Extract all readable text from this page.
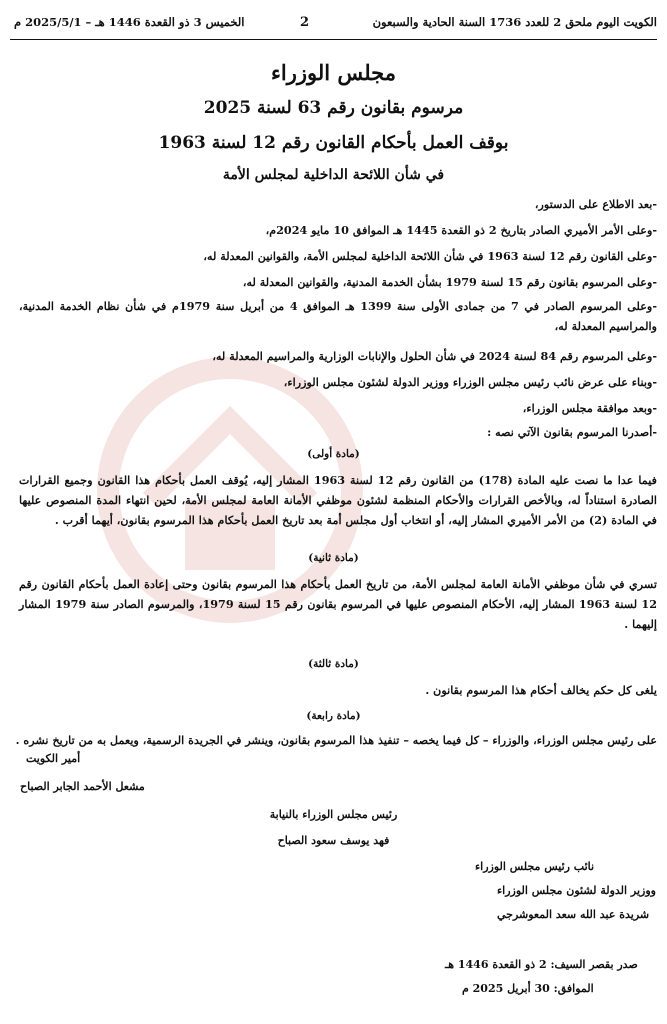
الكويت اليوم ملحق 2 للعدد 1736 السنة الحادية والسبعون
2
الخميس 3 ذو القعدة 1446 هـ – 2025/5/1 م
مجلس الوزراء
مرسوم بقانون رقم 63 لسنة 2025
بوقف العمل بأحكام القانون رقم 12 لسنة 1963
في شأن اللائحة الداخلية لمجلس الأمة
-بعد الاطلاع على الدستور،
-وعلى الأمر الأميري الصادر بتاريخ 2 ذو القعدة 1445 هـ الموافق 10 مايو 2024م،
-وعلى القانون رقم 12 لسنة 1963 في شأن اللائحة الداخلية لمجلس الأمة، والقوانين المعدلة له،
-وعلى المرسوم بقانون رقم 15 لسنة 1979 بشأن الخدمة المدنية، والقوانين المعدلة له،
-وعلى المرسوم الصادر في 7 من جمادى الأولى سنة 1399 هـ الموافق 4 من أبريل سنة 1979م في شأن نظام الخدمة المدنية، والمراسيم المعدلة له،
-وعلى المرسوم رقم 84 لسنة 2024 في شأن الحلول والإنابات الوزارية والمراسيم المعدلة له،
-وبناء على عرض نائب رئيس مجلس الوزراء ووزير الدولة لشئون مجلس الوزراء،
-وبعد موافقة مجلس الوزراء،
-أصدرنا المرسوم بقانون الآتي نصه :
(مادة أولى)
فيما عدا ما نصت عليه المادة (178) من القانون رقم 12 لسنة 1963 المشار إليه، يُوقف العمل بأحكام هذا القانون وجميع القرارات الصادرة استناداً له، وبالأخص القرارات والأحكام المنظمة لشئون موظفي الأمانة العامة لمجلس الأمة، لحين انتهاء المدة المنصوص عليها في المادة (2) من الأمر الأميري المشار إليه، أو انتخاب أول مجلس أمة بعد تاريخ العمل بأحكام هذا المرسوم بقانون، أيهما أقرب .
(مادة ثانية)
تسري في شأن موظفي الأمانة العامة لمجلس الأمة، من تاريخ العمل بأحكام هذا المرسوم بقانون وحتى إعادة العمل بأحكام القانون رقم 12 لسنة 1963 المشار إليه، الأحكام المنصوص عليها في المرسوم بقانون رقم 15 لسنة 1979، والمرسوم الصادر سنة 1979 المشار إليهما .
(مادة ثالثة)
يلغى كل حكم يخالف أحكام هذا المرسوم بقانون .
(مادة رابعة)
على رئيس مجلس الوزراء، والوزراء – كل فيما يخصه – تنفيذ هذا المرسوم بقانون، وينشر في الجريدة الرسمية، ويعمل به من تاريخ نشره .
أمير الكويت
مشعل الأحمد الجابر الصباح
رئيس مجلس الوزراء بالنيابة
فهد يوسف سعود الصباح
نائب رئيس مجلس الوزراء
ووزير الدولة لشئون مجلس الوزراء
شريدة عبد الله سعد المعوشرجي
صدر بقصر السيف: 2 ذو القعدة 1446 هـ
الموافق: 30 أبريل 2025 م
